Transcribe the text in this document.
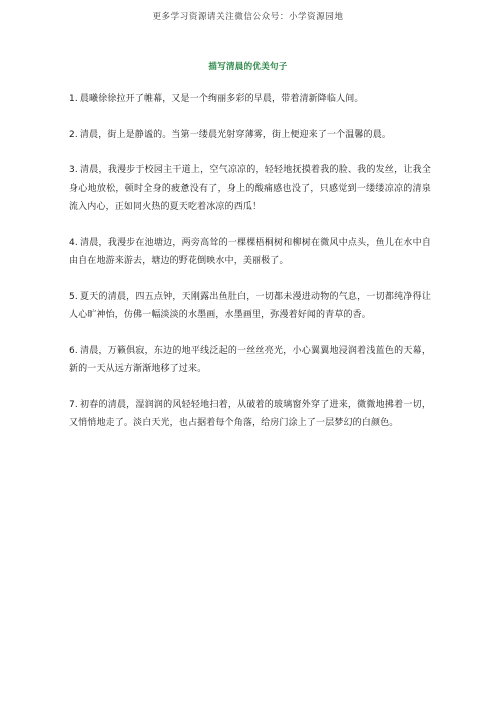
更多学习资源请关注微信公众号：小学资源园地
描写清晨的优美句子

1. 晨曦徐徐拉开了帷幕，又是一个绚丽多彩的早晨，带着清新降临人间。

2. 清晨，街上是静谧的。当第一缕晨光射穿薄雾，街上便迎来了一个温馨的晨。

3. 清晨，我漫步于校园主干道上，空气凉凉的，轻轻地抚摸着我的脸、我的发丝，让我全身心地放松，顿时全身的疲惫没有了，身上的酸痛感也没了，只感觉到一缕缕凉凉的清泉流入内心，正如同火热的夏天吃着冰凉的西瓜！

4. 清晨，我漫步在池塘边，两旁高耸的一棵棵梧桐树和柳树在微风中点头，鱼儿在水中自由自在地游来游去，塘边的野花倒映水中，美丽极了。

5. 夏天的清晨，四五点钟，天刚露出鱼肚白，一切都未漫进动物的气息，一切都纯净得让人心旷神怡，仿佛一幅淡淡的水墨画，水墨画里，弥漫着好闻的青草的香。

6. 清晨，万籁俱寂，东边的地平线泛起的一丝丝亮光，小心翼翼地浸润着浅蓝色的天幕，新的一天从远方渐渐地移了过来。

7. 初春的清晨，湿润润的风轻轻地扫着，从破着的玻璃窗外穿了进来，微微地拂着一切，又悄悄地走了。淡白天光，也占据着每个角落，给房门涂上了一层梦幻的白颜色。
